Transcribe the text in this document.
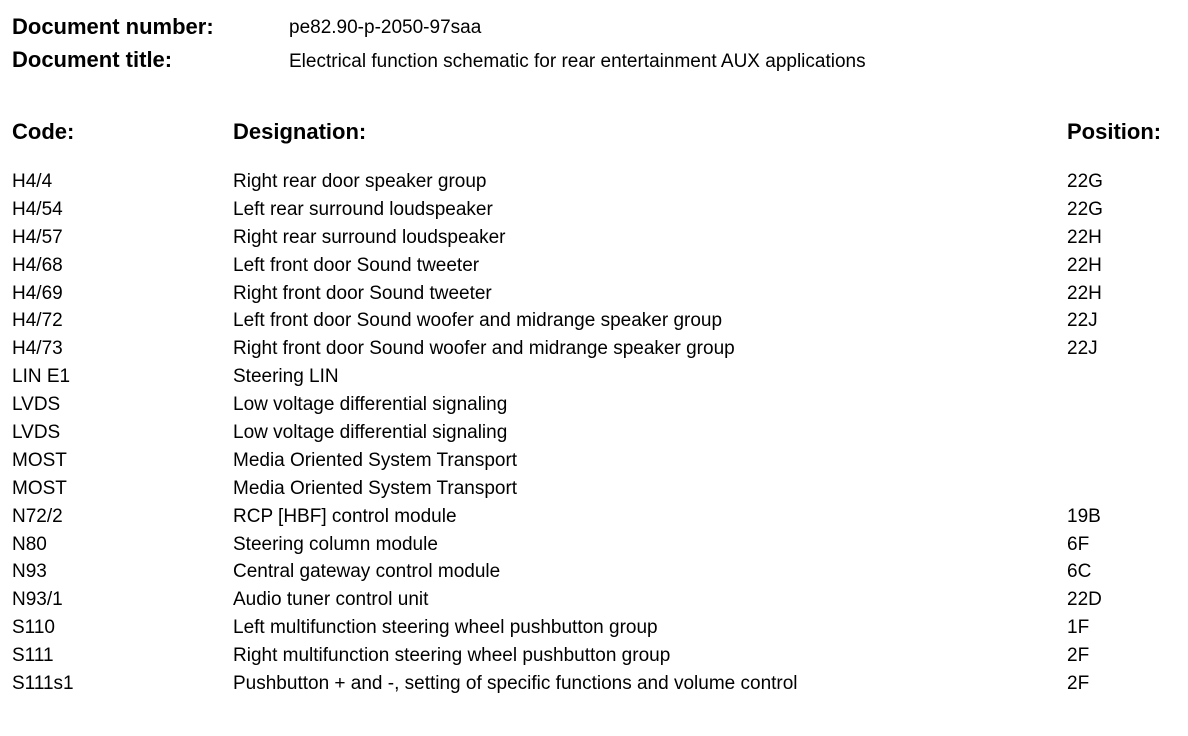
Document number:	pe82.90-p-2050-97saa
Document title:	Electrical function schematic for rear entertainment AUX applications
Code:	Designation:	Position:
H4/4	Right rear door speaker group	22G
H4/54	Left rear surround loudspeaker	22G
H4/57	Right rear surround loudspeaker	22H
H4/68	Left front door Sound tweeter	22H
H4/69	Right front door Sound tweeter	22H
H4/72	Left front door Sound woofer and midrange speaker group	22J
H4/73	Right front door Sound woofer and midrange speaker group	22J
LIN E1	Steering LIN
LVDS	Low voltage differential signaling
LVDS	Low voltage differential signaling
MOST	Media Oriented System Transport
MOST	Media Oriented System Transport
N72/2	RCP [HBF] control module	19B
N80	Steering column module	6F
N93	Central gateway control module	6C
N93/1	Audio tuner control unit	22D
S110	Left multifunction steering wheel pushbutton group	1F
S111	Right multifunction steering wheel pushbutton group	2F
S111s1	Pushbutton + and -, setting of specific functions and volume control	2F
